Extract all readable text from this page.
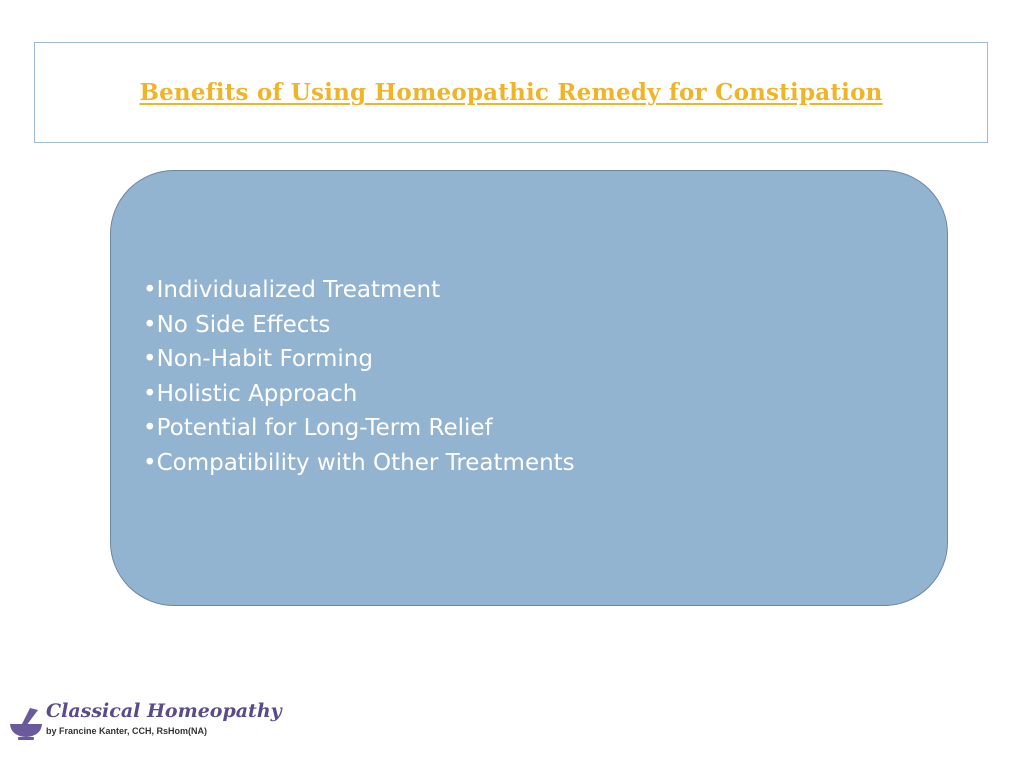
Benefits of Using Homeopathic Remedy for Constipation
• Individualized Treatment
• No Side Effects
• Non-Habit Forming
• Holistic Approach
• Potential for Long-Term Relief
• Compatibility with Other Treatments
Classical Homeopathy
by Francine Kanter, CCH, RsHom(NA)
